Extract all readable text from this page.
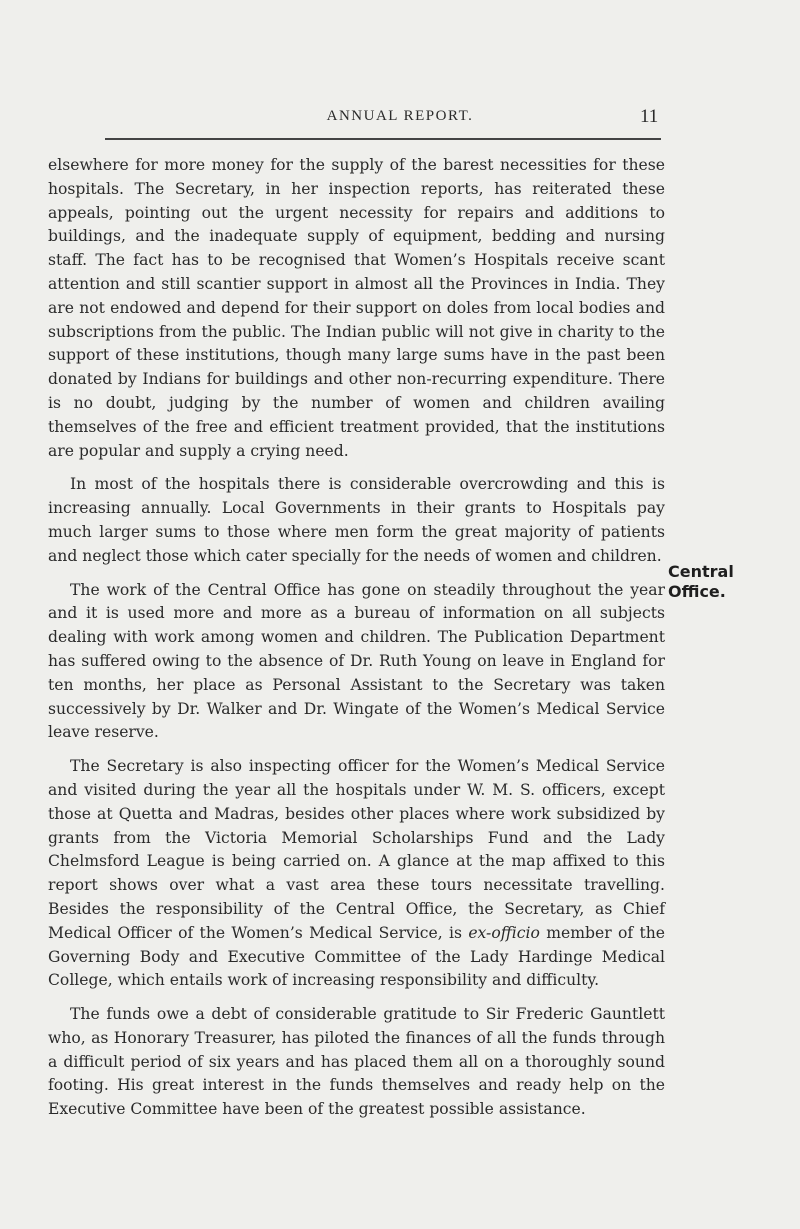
ANNUAL REPORT.	11

elsewhere for more money for the supply of the barest necessities for these hospitals. The Secretary, in her inspection reports, has reiterated these appeals, pointing out the urgent necessity for repairs and additions to buildings, and the inadequate supply of equipment, bedding and nursing staff. The fact has to be recognised that Women’s Hospitals receive scant attention and still scantier support in almost all the Provinces in India. They are not endowed and depend for their support on doles from local bodies and subscriptions from the public. The Indian public will not give in charity to the support of these institutions, though many large sums have in the past been donated by Indians for buildings and other non-recurring expenditure. There is no doubt, judging by the number of women and children availing themselves of the free and efficient treatment provided, that the institutions are popular and supply a crying need.

In most of the hospitals there is considerable overcrowding and this is increasing annually. Local Governments in their grants to Hospitals pay much larger sums to those where men form the great majority of patients and neglect those which cater specially for the needs of women and children.

The work of the Central Office has gone on steadily throughout the year and it is used more and more as a bureau of information on all subjects dealing with work among women and children. The Publication Department has suffered owing to the absence of Dr. Ruth Young on leave in England for ten months, her place as Personal Assistant to the Secretary was taken successively by Dr. Walker and Dr. Wingate of the Women’s Medical Service leave reserve.

The Secretary is also inspecting officer for the Women’s Medical Service and visited during the year all the hospitals under W. M. S. officers, except those at Quetta and Madras, besides other places where work subsidized by grants from the Victoria Memorial Scholarships Fund and the Lady Chelmsford League is being carried on. A glance at the map affixed to this report shows over what a vast area these tours necessitate travelling. Besides the responsibility of the Central Office, the Secretary, as Chief Medical Officer of the Women’s Medical Service, is ex-officio member of the Governing Body and Executive Committee of the Lady Hardinge Medical College, which entails work of increasing responsibility and difficulty.

The funds owe a debt of considerable gratitude to Sir Frederic Gauntlett who, as Honorary Treasurer, has piloted the finances of all the funds through a difficult period of six years and has placed them all on a thoroughly sound footing. His great interest in the funds themselves and ready help on the Executive Committee have been of the greatest possible assistance.

Central
Office.
